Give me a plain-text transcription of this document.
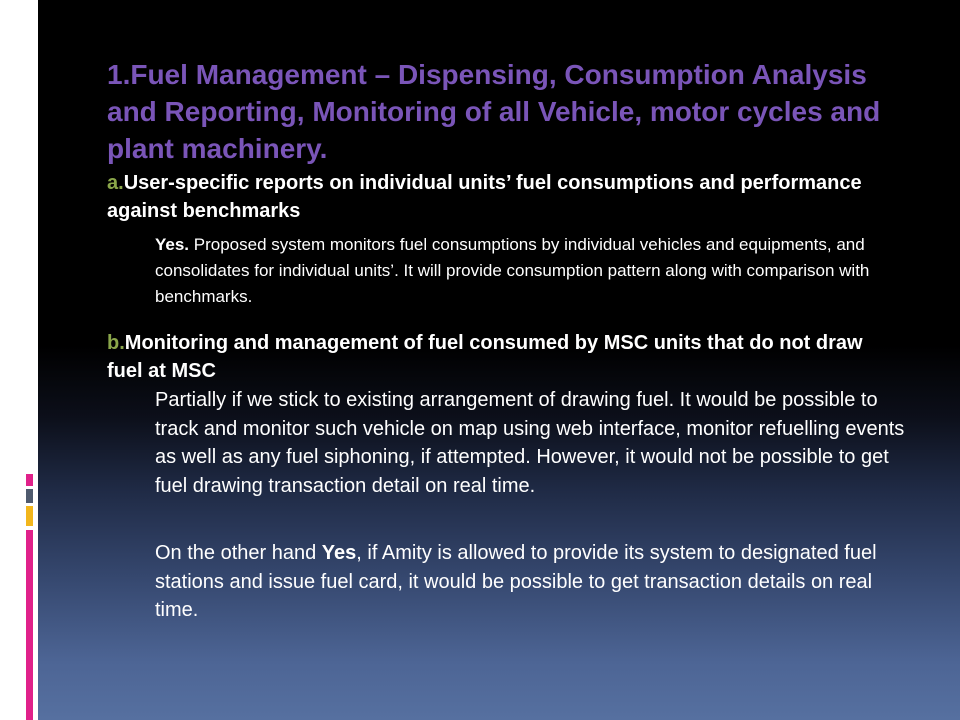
1.Fuel Management – Dispensing, Consumption Analysis and Reporting, Monitoring of all Vehicle, motor cycles and plant machinery.
a.User-specific reports on individual units’ fuel consumptions and performance against benchmarks
Yes. Proposed system monitors fuel consumptions by individual vehicles and equipments, and consolidates for individual units’. It will provide consumption pattern along with comparison with benchmarks.
b.Monitoring and management of fuel consumed by MSC units that do not draw fuel at MSC
Partially if we stick to existing arrangement of drawing fuel. It would be possible to track and monitor such vehicle on map using web interface, monitor refuelling events as well as any fuel siphoning, if attempted. However, it would not be possible to get fuel drawing transaction detail on real time.
On the other hand Yes, if Amity is allowed to provide its system to designated fuel stations and issue fuel card, it would be possible to get transaction details on real time.
